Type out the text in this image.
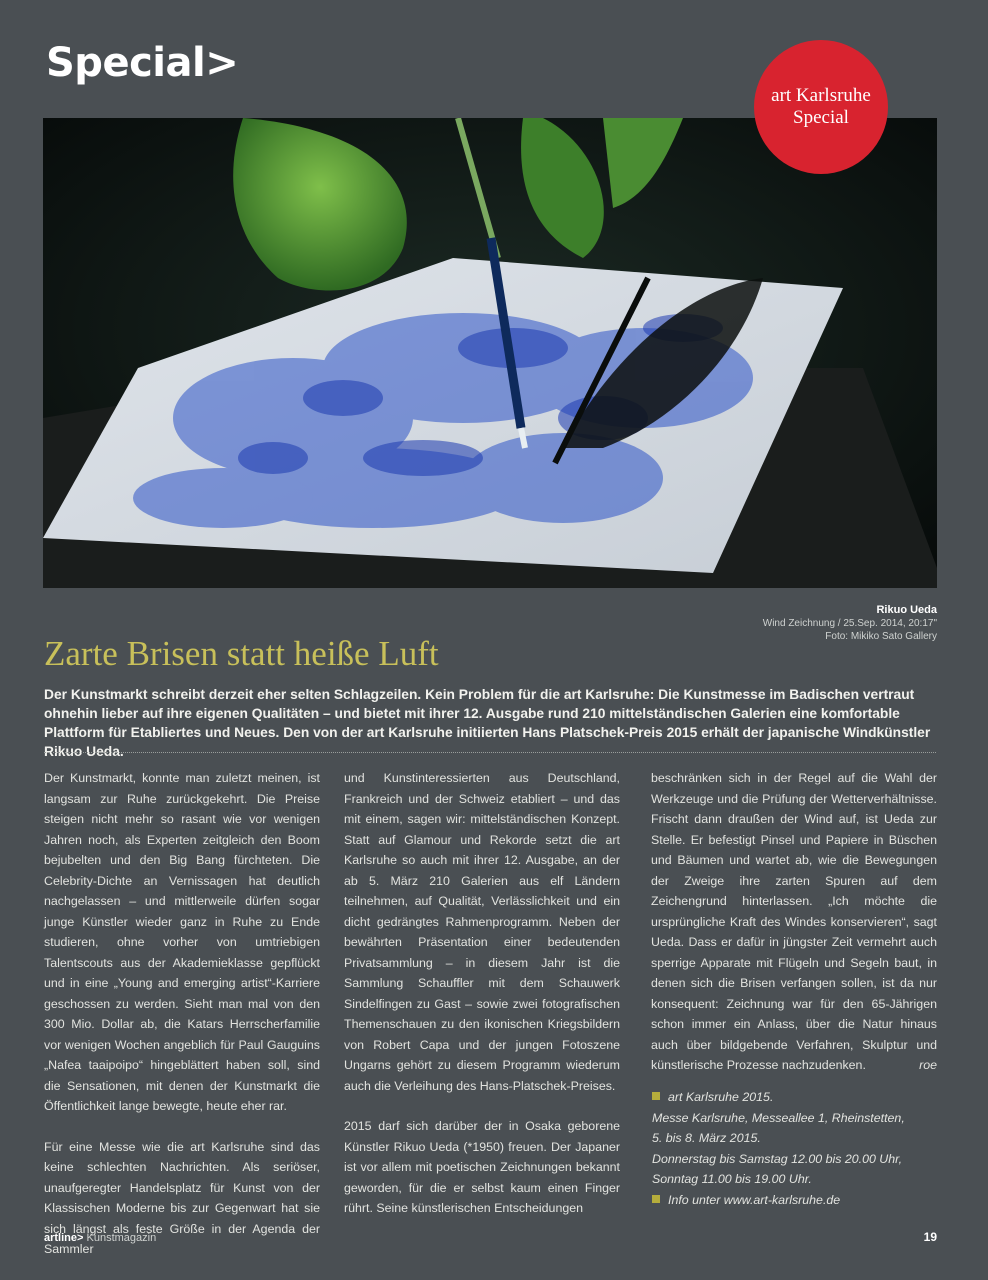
Special>
art Karlsruhe
Special
Rikuo Ueda
Wind Zeichnung / 25.Sep. 2014, 20:17"
Foto: Mikiko Sato Gallery
Zarte Brisen statt heiße Luft
Der Kunstmarkt schreibt derzeit eher selten Schlagzeilen. Kein Problem für die art Karlsruhe: Die Kunstmesse im Badischen vertraut ohnehin lieber auf ihre eigenen Qualitäten – und bietet mit ihrer 12. Ausgabe rund 210 mittelständischen Galerien eine komfortable Plattform für Etabliertes und Neues. Den von der art Karlsruhe initiierten Hans Platschek-Preis 2015 erhält der japanische Windkünstler Rikuo Ueda.

Der Kunstmarkt, konnte man zuletzt meinen, ist langsam zur Ruhe zurückgekehrt. Die Preise steigen nicht mehr so rasant wie vor wenigen Jahren noch, als Experten zeitgleich den Boom bejubelten und den Big Bang fürchteten. Die Celebrity-Dichte an Vernissagen hat deutlich nachgelassen – und mittlerweile dürfen sogar junge Künstler wieder ganz in Ruhe zu Ende studieren, ohne vorher von umtriebigen Talentscouts aus der Akademieklasse gepflückt und in eine „Young and emerging artist“-Karriere geschossen zu werden. Sieht man mal von den 300 Mio. Dollar ab, die Katars Herrscherfamilie vor wenigen Wochen angeblich für Paul Gauguins „Nafea taaipoipo“ hingeblättert haben soll, sind die Sensationen, mit denen der Kunstmarkt die Öffentlichkeit lange bewegte, heute eher rar.

Für eine Messe wie die art Karlsruhe sind das keine schlechten Nachrichten. Als seriöser, unaufgeregter Handelsplatz für Kunst von der Klassischen Moderne bis zur Gegenwart hat sie sich längst als feste Größe in der Agenda der Sammler

und Kunstinteressierten aus Deutschland, Frankreich und der Schweiz etabliert – und das mit einem, sagen wir: mittelständischen Konzept. Statt auf Glamour und Rekorde setzt die art Karlsruhe so auch mit ihrer 12. Ausgabe, an der ab 5. März 210 Galerien aus elf Ländern teilnehmen, auf Qualität, Verlässlichkeit und ein dicht gedrängtes Rahmenprogramm. Neben der bewährten Präsentation einer bedeutenden Privatsammlung – in diesem Jahr ist die Sammlung Schauffler mit dem Schauwerk Sindelfingen zu Gast – sowie zwei fotografischen Themenschauen zu den ikonischen Kriegsbildern von Robert Capa und der jungen Fotoszene Ungarns gehört zu diesem Programm wiederum auch die Verleihung des Hans-Platschek-Preises.

2015 darf sich darüber der in Osaka geborene Künstler Rikuo Ueda (*1950) freuen. Der Japaner ist vor allem mit poetischen Zeichnungen bekannt geworden, für die er selbst kaum einen Finger rührt. Seine künstlerischen Entscheidungen

beschränken sich in der Regel auf die Wahl der Werkzeuge und die Prüfung der Wetterverhältnisse. Frischt dann draußen der Wind auf, ist Ueda zur Stelle. Er befestigt Pinsel und Papiere in Büschen und Bäumen und wartet ab, wie die Bewegungen der Zweige ihre zarten Spuren auf dem Zeichengrund hinterlassen. „Ich möchte die ursprüngliche Kraft des Windes konservieren“, sagt Ueda. Dass er dafür in jüngster Zeit vermehrt auch sperrige Apparate mit Flügeln und Segeln baut, in denen sich die Brisen verfangen sollen, ist da nur konsequent: Zeichnung war für den 65-Jährigen schon immer ein Anlass, über die Natur hinaus auch über bildgebende Verfahren, Skulptur und künstlerische Prozesse nachzudenken.	roe

art Karlsruhe 2015.
Messe Karlsruhe, Messeallee 1, Rheinstetten,
5. bis 8. März 2015.
Donnerstag bis Samstag 12.00 bis 20.00 Uhr,
Sonntag 11.00 bis 19.00 Uhr.
Info unter www.art-karlsruhe.de
artline> Kunstmagazin	19
